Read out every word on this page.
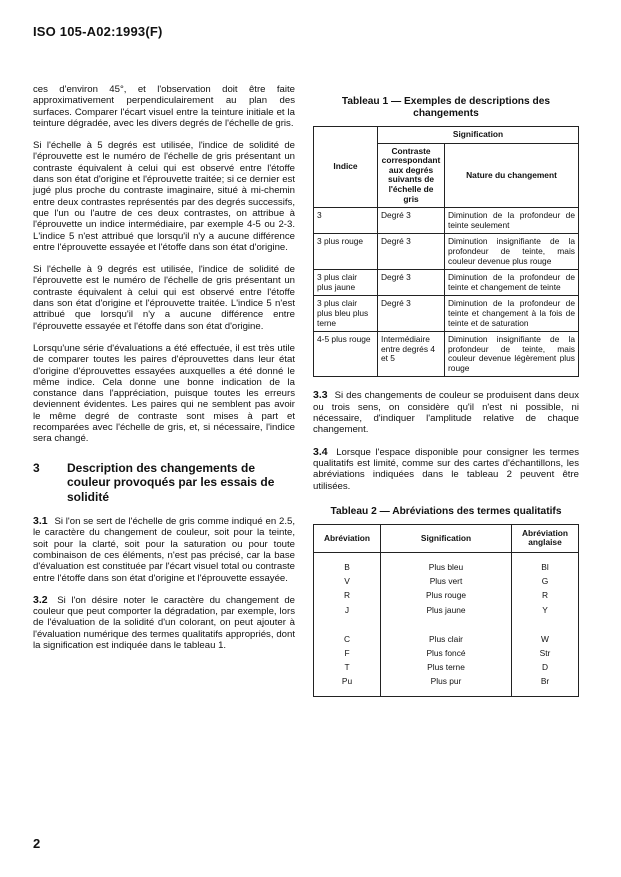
ISO 105-A02:1993(F)

ces d'environ 45°, et l'observation doit être faite approximativement perpendiculairement au plan des surfaces. Comparer l'écart visuel entre la teinture initiale et la teinture dégradée, avec les divers degrés de l'échelle de gris.

Si l'échelle à 5 degrés est utilisée, l'indice de solidité de l'éprouvette est le numéro de l'échelle de gris présentant un contraste équivalent à celui qui est observé entre l'étoffe dans son état d'origine et l'éprouvette traitée; si ce dernier est jugé plus proche du contraste imaginaire, situé à mi-chemin entre deux contrastes représentés par des degrés successifs, que l'un ou l'autre de ces deux contrastes, on attribue à l'éprouvette un indice intermédiaire, par exemple 4-5 ou 2-3. L'indice 5 n'est attribué que lorsqu'il n'y a aucune différence entre l'éprouvette essayée et l'étoffe dans son état d'origine.

Si l'échelle à 9 degrés est utilisée, l'indice de solidité de l'éprouvette est le numéro de l'échelle de gris présentant un contraste équivalent à celui qui est observé entre l'étoffe dans son état d'origine et l'éprouvette traitée. L'indice 5 n'est attribué que lorsqu'il n'y a aucune différence entre l'éprouvette essayée et l'étoffe dans son état d'origine.

Lorsqu'une série d'évaluations a été effectuée, il est très utile de comparer toutes les paires d'éprouvettes dans leur état d'origine d'éprouvettes essayées auxquelles a été donné le même indice. Cela donne une bonne indication de la constance dans l'appréciation, puisque toutes les erreurs deviennent évidentes. Les paires qui ne semblent pas avoir le même degré de contraste sont mises à part et recomparées avec l'échelle de gris, et, si nécessaire, l'indice sera changé.

3	Description des changements de couleur provoqués par les essais de solidité

3.1 Si l'on se sert de l'échelle de gris comme indiqué en 2.5, le caractère du changement de couleur, soit pour la teinte, soit pour la clarté, soit pour la saturation ou pour toute combinaison de ces éléments, n'est pas précisé, car la base d'évaluation est constituée par l'écart visuel total ou contraste entre l'étoffe dans son état d'origine et l'éprouvette essayée.

3.2 Si l'on désire noter le caractère du changement de couleur que peut comporter la dégradation, par exemple, lors de l'évaluation de la solidité d'un colorant, on peut ajouter à l'évaluation numérique des termes qualitatifs appropriés, dont la signification est indiquée dans le tableau 1.

Tableau 1 — Exemples de descriptions des changements
Indice	Signification	
	Contraste correspondant aux degrés suivants de l'échelle de gris	Nature du changement
3	Degré 3	Diminution de la profondeur de teinte seulement
3 plus rouge	Degré 3	Diminution insignifiante de la profondeur de teinte, mais couleur devenue plus rouge
3 plus clair plus jaune	Degré 3	Diminution de la profondeur de teinte et changement de teinte
3 plus clair plus bleu plus terne	Degré 3	Diminution de la profondeur de teinte et changement à la fois de teinte et de saturation
4-5 plus rouge	Intermédiaire entre degrés 4 et 5	Diminution insignifiante de la profondeur de teinte, mais couleur devenue légèrement plus rouge

3.3 Si des changements de couleur se produisent dans deux ou trois sens, on considère qu'il n'est ni possible, ni nécessaire, d'indiquer l'amplitude relative de chaque changement.

3.4 Lorsque l'espace disponible pour consigner les termes qualitatifs est limité, comme sur des cartes d'échantillons, les abréviations indiquées dans le tableau 2 peuvent être utilisées.

Tableau 2 — Abréviations des termes qualitatifs
Abréviation	Signification	Abréviation anglaise
B	Plus bleu	Bl
V	Plus vert	G
R	Plus rouge	R
J	Plus jaune	Y
C	Plus clair	W
F	Plus foncé	Str
T	Plus terne	D
Pu	Plus pur	Br
2
